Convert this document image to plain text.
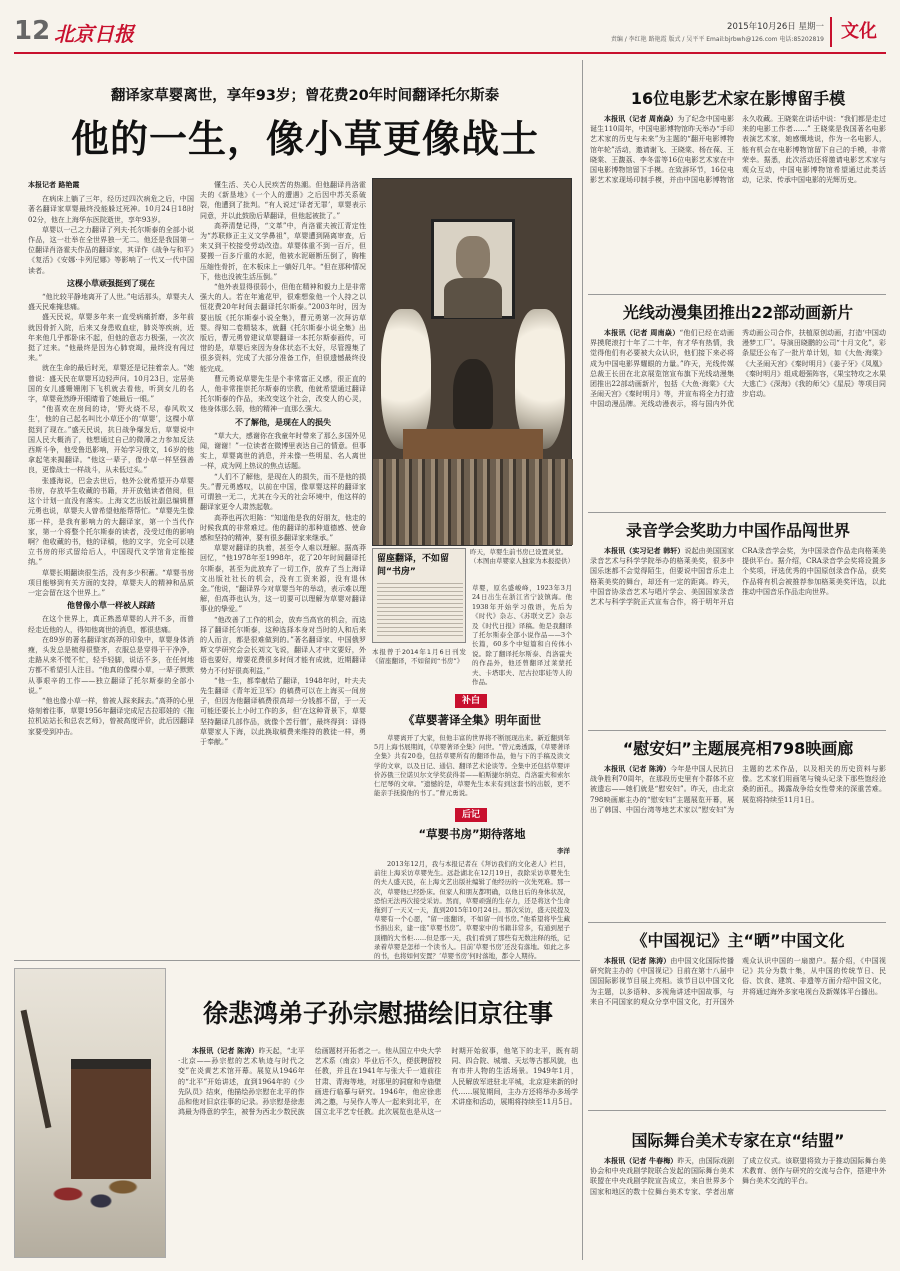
12 北京日报	2015年10月26日 星期一
责编 / 李红艳 路艳霞 版式 / 吴平平 Email:bjrbwh@126.com 电话:85202819 文化
翻译家草婴离世，享年93岁；曾花费20年时间翻译托尔斯泰
他的一生，像小草更像战士
本报记者 路艳霞

在病床上躺了三年，经历过四次病危之后，中国著名翻译家草婴最终没能躲过死神。10月24日18时02分，他在上海华东医院逝世，享年93岁。

草婴以一己之力翻译了列夫·托尔斯泰的全部小说作品，这一壮举在全世界独一无二。他还是我国第一位翻译肖洛霍夫作品的翻译家，其译作《战争与和平》《复活》《安娜·卡列尼娜》等影响了一代又一代中国读者。

这棵小草顽强挺到了现在

“他比较平静地离开了人世。”电话那头，草婴夫人盛天民难掩悲痛。

盛天民说，草婴多年来一直受病痛折磨，多年前就因骨折入院，后来又身患败血症，肺炎等疾病，近年来他几乎都卧床不起，但他的意志力极强，一次次挺了过来。“他最终是因为心肺衰竭，最终没有闯过来。”

就在生命的最后时光，草婴还是记挂着亲人。“她曾说：盛天民在草婴耳边轻声问。10月23日，定居美国的女儿盛姗姗刚下飞机就去看他，听到女儿的名字，草婴竟然睁开眼睛看了她最后一眼。”

“他喜欢在房间的诗，‘野火烧不尽，春风吹又生’，他的自己起名叫比小草还小的‘草婴’，这棵小草挺到了现在。”盛天民说，抗日战争爆发后，草婴说中国人民大概消了，他想通过自己的微薄之力参加反法西斯斗争，他受鲁迅影响，开始学习俄文，16岁的他拿起笔来揭翻译。“他这一辈子，像小草一样坚强善良，更像战士一样战斗，从未低过头。”

张盛海说，巴金去世后，他外公就希望开办草婴书房，存放毕生收藏的书籍，并开放勉读者借阅，但这个计划一直没有落实。上海文艺出版社副总编辑曹元勇也说，草婴夫人曾希望他能帮帮忙。“草婴先生像那一样，是我有影响力的大翻译家，第一个当代作家，第一个将整个托尔斯泰的读者，没受过他的影响啊？他收藏的书，他的译稿，他的文字，完全可以建立书房的形式留给后人，中国现代文学馆肯定能接纳。”

草婴长期翻读很生活，没有多少积蓄。“草婴书房项目能够到有关方面的支持，草婴夫人的精神和品质一定会留在这个世界上。”

他曾像小草一样被人踩踏

在这个世界上，真正熟悉草婴的人并不多，而曾经走近他的人，得知他离世的消息，都很悲痛。

在89岁的著名翻译家高莽的印象中，草婴身体消瘦，头发总是梳得很整齐，衣服总是穿得干干净净，走路从来不慌不忙，轻手轻脚，说话不多，在任何地方都不希望引人注目。“他真的像棵小草，一辈子默默从事艰辛的工作——独立翻译了托尔斯泰的全部小说。”

“他也像小草一样，曾被人踩来踩去。”高莽的心里烙刻着往事，草婴1956年翻译完成尼古拉耶娃的《拖拉机站站长和总农艺师》，曾被高度评价，此后因翻译家要受到冲击。

懂生活、关心人民疾苦的热潮。但他翻译肖洛霍夫的《新垦地》《一个人的遭遇》之后因中苏关系破裂，他遭到了批判。“有人说过‘译者无罪’，草婴表示同意，并以此鼓励后辈翻译，但他起被批了。”

高莽清楚记得，“文革”中，肖洛霍夫被江青定性为“苏联修正主义文学鼻祖”，草婴遭到隔离审查，后来又到干校接受劳动改造。草婴体重不到一百斤，但要搬一百多斤重的水泥，他被水泥砸断压倒了，胸椎压缩性骨折，在木板床上一躺好几年。“但在那种情况下，他也没被生活压倒。”

“他外表显得很弱小，但他在精神和毅力上是非常强大的人。若在年逾花甲，很难想象他一个人持之以恒花费20年时间去翻译托尔斯泰。”2003年时，因为要出版《托尔斯泰小说全集》，曹元勇第一次拜访草婴。得知二卷精装本，就翻《托尔斯泰小说全集》出版后，曹元勇曾建议草婴翻译一本托尔斯泰画传，可惜的是，草婴后来因为身体状态不太好，尽管搜集了很多资料，完成了大部分准备工作，但很遗憾最终没能完成。

曹元勇说草婴先生是个非常富正义感，很正直的人，他非常推崇托尔斯泰的宗教，他就希望通过翻译托尔斯泰的作品，来改变这个社会，改变人的心灵，他身体那么弱，他的精神一直那么强大。

不了解他，是现在人的损失

“草大大，感谢你在我童年时带来了那么多国外见闻，谢谢！”一位读者在微博里表达自己的情意。但事实上，草婴离世的消息，并未像一些明星、名人离世一样，成为网上热议的焦点话题。

“人们不了解他，是现在人的损失，而不是他的损失。”曹元勇感叹，以前在中国，像草婴这样的翻译家可谓独一无二，尤其在今天的社会环境中，他这样的翻译家更令人肃然起敬。

高莽也再次坦陈：“知道他是我的好朋友，他走的时候我真的非常难过。他的翻译的那种道德感、使命感和坚持的精神，要有很多翻译家来继承。”

草婴对翻译的执着，甚至令人难以理解。据高莽回忆，“他1978年至1998年，花了20年时间翻译托尔斯泰，甚至为此放弃了一切工作，放弃了当上海译文出版社社长的机会，没有工资来源，没有退休金。”他说，“翻译界今对草婴当年的举动，表示难以理解，但高莽也认为，这一切要可以理解为草婴对翻译事业的挚爱。”

“他改善了工作的机会，放弃当高官的机会，而选择了翻译托尔斯泰，这种选择本身对当时的人和后来的人而言，都是很难做到的。”著名翻译家、中国俄罗斯文学研究会会长刘文飞说，翻译人才中文要好，外语也要好，增要花费很多时间才能有成就，近期翻译势力不付好很高利益，”

“他一生，都奉献给了翻译，1948年时，叶夫夫先生翻译《青年近卫军》的稿费可以在上海买一间房子，但因为他翻译稿费很高却一分钱都不留，于一天可能还要长上小时工作的多，但‘在这种背景下，草婴坚持翻译几部作品，就像个苦行僧’，最终得到：译得草婴家人下海，以此换取稿费来维持的教徒一样，勇于奉献。”

留座翻译，不如留间“书房”
昨天，草婴生前书房已设置灵堂。
（本图由草婴家人独家为本报提供）
本报曾于2014年1月6日刊发《留座翻译，不如留间“书房”》
草婴，原名盛峻峰，1923年3月24日出生在浙江省宁波镇海。他1938年开始学习俄语，先后为《时代》杂志、《苏联文艺》杂志及《时代日报》译稿。他是我翻译了托尔斯泰全部小说作品——3个长篇，60多个中短篇和自传体小说。除了翻译托尔斯泰、肖洛霍夫的作品外，他还曾翻译过莱蒙托夫、卡塔耶夫、尼古拉耶娃等人的作品。
补白
《草婴著译全集》明年面世
草婴离开了大家，但他丰富的世界将不断展现出来。新近翻到年5月上海书展期间，《草婴著译全集》问世。“曾元勇透露，《草婴著译全集》共有20卷，包括草婴所有的翻译作品，他与下的手稿及读文学的文章，以及日记、通信、翻译艺术论谈等。全集中还包括草婴评价苏俄三位诺贝尔文学奖获得者——帕斯捷尔纳克、肖洛霍夫和索尔仁尼琴的文章。“遗憾的是，草婴先生本来有到这套书的出版，更不能亲手抚摸他的书了。”曹元勇说。
后记
“草婴书房”期待落地
李洋
2013年12月，我与本报记者在《拜访我们的文化老人》栏目，前往上海采访草婴先生。远赴湖北在12月19日，我除采访草婴先生的夫人盛天民，在上海文艺出版社编辑了他经历的一次先死难。那一次，草婴他已经卧床。但家人和朋友都明确，以他日后的身体状况，恐怕无法再次接受采访。然而，草婴顽强的生存力，还是将这个生命拖到了一天又一天，直到2015年10月24日。那次采访，盛天民提及草婴有一个心愿，“留一座翻译，不如留一间书房。”他希望将毕生藏书捐出来，建一座“草婴书房”。草婴家中的书籍非常多，有通到屋子顶棚的大书柜……但是那一天，我们看到了那些有无数注释的纸，记录着草婴是怎样一个读书人。目前‘草婴书房’还没有落地。如此之多的书，也将如何安置？‘草婴书房’何时落地，都令人期待。
徐悲鸿弟子孙宗慰描绘旧京往事
本报讯（记者 陈涛）昨天起，“北平·北京——孙宗慰的艺术轨迹与时代之变”在炎黄艺术馆开幕。展览从1946年的“北平”开始讲述，直到1964年的《少先队员》结束，他描绘孙宗慰在北平的作品和他对旧京往事的记录。孙宗慰是徐悲鸿最为得意的学生，被誉为西北少数民族绘画题材开拓者之一。他从国立中央大学艺术系（南京）毕业后不久，便获聘留校任教，并且在1941年与张大千一道前往甘肃、青海等地，对那里的洞窟和寺庙壁画进行临摹与研究。1946年，他应徐悲鸿之邀，与吴作人等人一起来到北平，在国立北平艺专任教。此次展览也是从这一时期开始叙事，他笔下的北平，既有胡同、四合院、城墙、天坛等古都风貌，也有市井人物的生活场景。1949年1月，人民解放军进驻北平城，北京迎来新的时代……展览期间，主办方还将举办多场学术讲座和活动，展期将持续至11月5日。
16位电影艺术家在影博留手模
本报讯（记者 周南焱）为了纪念中国电影诞生110周年，中国电影博物馆昨天举办“手印艺术家的历史与未来”为主题的“翻开电影博物馆年轮”活动，邀请谢飞、王晓棠、杨在葆、王晓棠、王馥荔、李冬雷等16位电影艺术家在中国电影博物馆留下手模。在致辞环节，16位电影艺术家现场印制手模，并由中国电影博物馆永久收藏。王晓棠在讲话中说：“我们都是走过来的电影工作者……” 王晓棠是我国著名电影表演艺术家，她感慨地说，作为一名电影人，能有机会在电影博物馆留下自己的手模，非常荣幸。据悉，此次活动还将邀请电影艺术家与观众互动，中国电影博物馆希望通过此类活动，记录、传承中国电影的光辉历史。
光线动漫集团推出22部动画新片
本报讯（记者 周南焱）“他们已经在动画界摸爬滚打十年了二十年，有才华有热情，我觉得他们有必要被大众认识，他们接下来必将成为中国电影界耀眼的力量。”昨天，光线传媒总裁王长田在北京展览馆宣布旗下光线动漫集团推出22部动画新片，包括《大鱼·海棠》《大圣闹天宫》《秦时明月》等，并宣布将全力打造中国动漫品牌。光线动漫表示，将与国内外优秀动画公司合作，扶植原创动画，打造‘中国动漫梦工厂’。导演田晓鹏的公司“十月文化”，彩条屋还公布了一批片单计划，如《大鱼·海棠》《大圣闹天宫》《秦时明月》《姜子牙》《凤凰》《秦时明月》组成超强阵容，《果宝特攻之水果大逃亡》《深海》《我的师父》《星辰》等项目同步启动。
录音学会奖助力中国作品闯世界
本报讯（实习记者 韩轩）说起由美国国家录音艺术与科学学院举办的格莱美奖，很多中国乐迷都不会觉得陌生，但要说中国音乐走上格莱美奖的舞台，却还有一定的距离。昨天，中国音协录音艺术与唱片学会、美国国家录音艺术与科学学院正式宣布合作，将于明年开启CRA录音学会奖，为中国录音作品走向格莱美提供平台。据介绍，CRA录音学会奖将设置多个奖项，评选优秀的中国原创录音作品，获奖作品将有机会被推荐参加格莱美奖评选，以此推动中国音乐作品走向世界。
“慰安妇”主题展亮相798映画廊
本报讯（记者 陈涛）今年是中国人民抗日战争胜利70周年，在那段历史里有个群体不应被遗忘——她们就是“慰安妇”。昨天，由北京798映画廊主办的“慰安妇”主题展览开幕，展出了韩国、中国台湾等地艺术家以“慰安妇”为主题的艺术作品，以及相关的历史资料与影像。艺术家们用画笔与镜头记录下那些饱经沧桑的面孔，揭露战争给女性带来的深重苦难。展览将持续至11月1日。
《中国视记》主“晒”中国文化
本报讯（记者 陈涛）由中国文化国际传播研究院主办的《中国视记》日前在第十八届中国国际影视节目展上亮相。该节目以中国文化为主题，以多语种、多视角讲述中国故事，与来自不同国家的观众分享中国文化，打开国外观众认识中国的一扇窗户。据介绍，《中国视记》共分为数十集，从中国的传统节日、民俗、饮食、建筑、非遗等方面介绍中国文化，并将通过海外多家电视台及新媒体平台播出。
国际舞台美术专家在京“结盟”
本报讯（记者 牛春梅）昨天，由国际戏剧协会和中央戏剧学院联合发起的国际舞台美术联盟在中央戏剧学院宣告成立，来自世界多个国家和地区的数十位舞台美术专家、学者出席了成立仪式。该联盟将致力于推动国际舞台美术教育、创作与研究的交流与合作，搭建中外舞台美术交流的平台。
